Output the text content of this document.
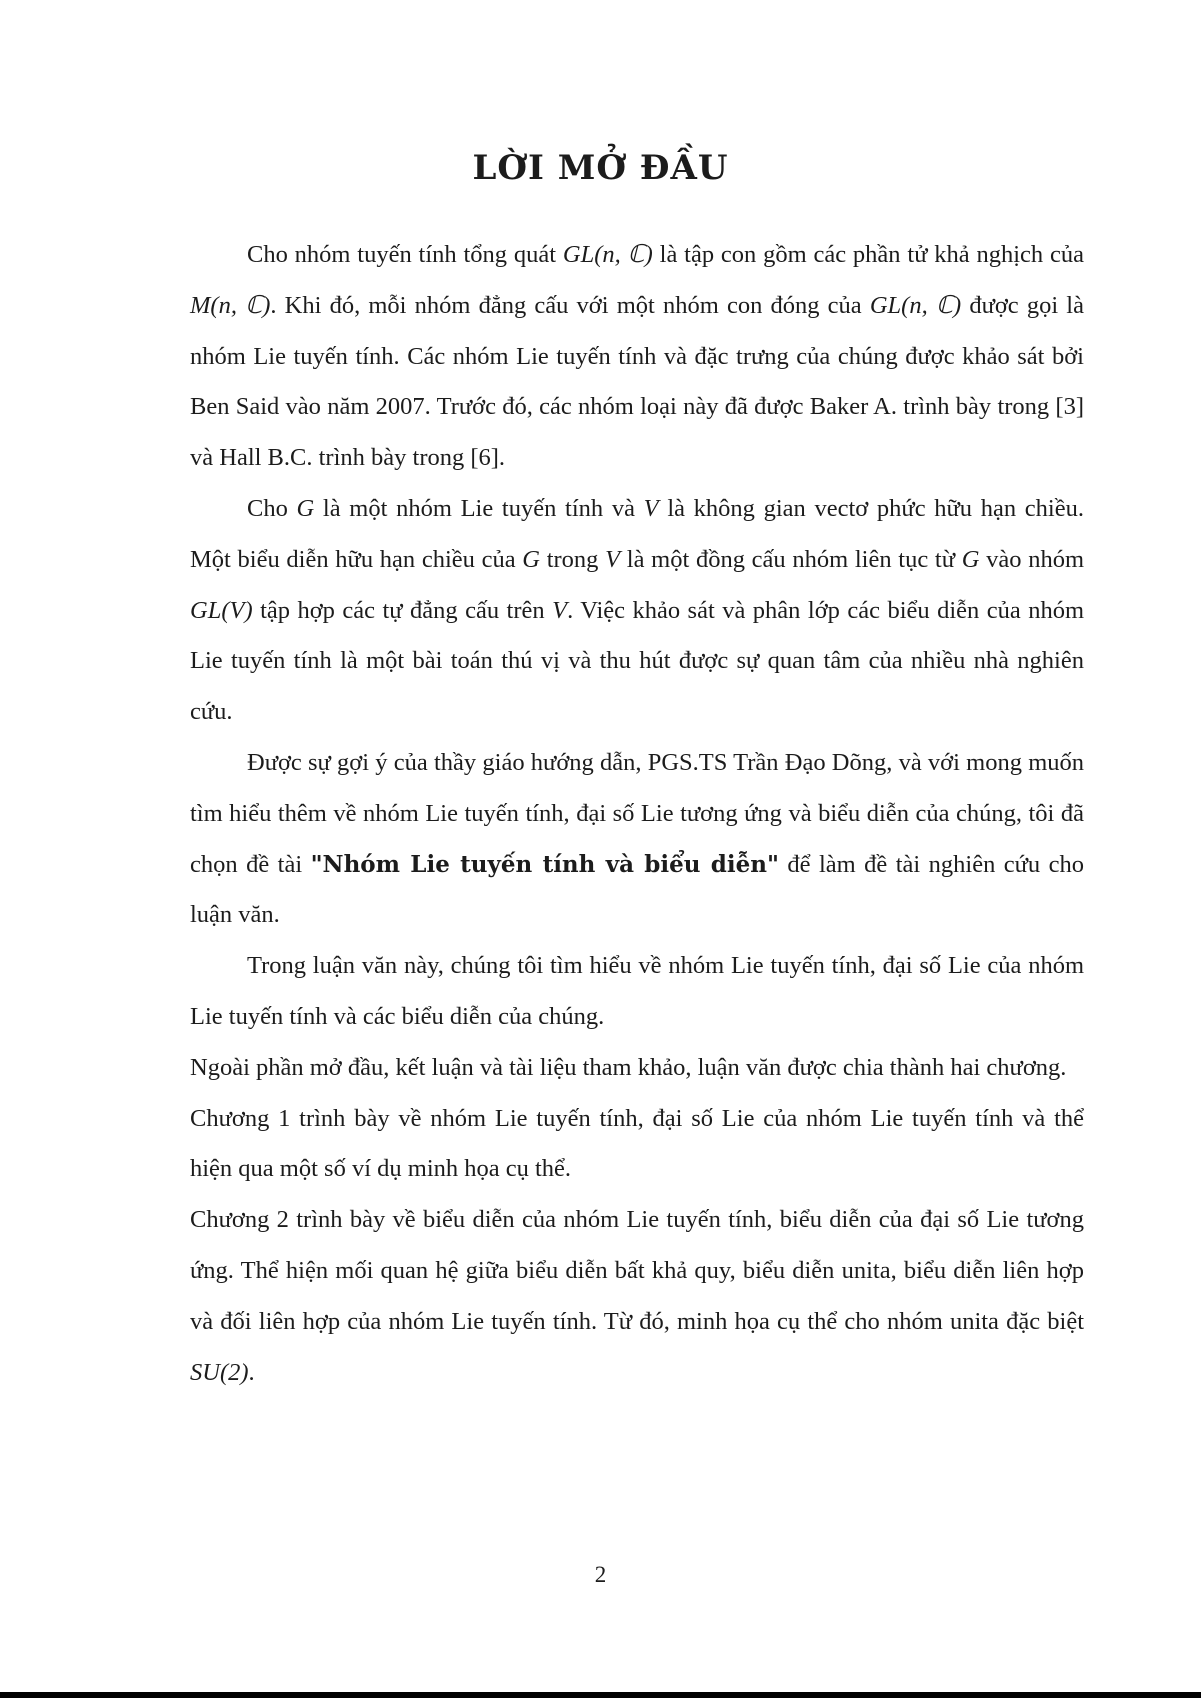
LỜI MỞ ĐẦU

Cho nhóm tuyến tính tổng quát GL(n, ℂ) là tập con gồm các phần tử khả nghịch của M(n, ℂ). Khi đó, mỗi nhóm đẳng cấu với một nhóm con đóng của GL(n, ℂ) được gọi là nhóm Lie tuyến tính. Các nhóm Lie tuyến tính và đặc trưng của chúng được khảo sát bởi Ben Said vào năm 2007. Trước đó, các nhóm loại này đã được Baker A. trình bày trong [3] và Hall B.C. trình bày trong [6].

Cho G là một nhóm Lie tuyến tính và V là không gian vectơ phức hữu hạn chiều. Một biểu diễn hữu hạn chiều của G trong V là một đồng cấu nhóm liên tục từ G vào nhóm GL(V) tập hợp các tự đẳng cấu trên V. Việc khảo sát và phân lớp các biểu diễn của nhóm Lie tuyến tính là một bài toán thú vị và thu hút được sự quan tâm của nhiều nhà nghiên cứu.

Được sự gợi ý của thầy giáo hướng dẫn, PGS.TS Trần Đạo Dõng, và với mong muốn tìm hiểu thêm về nhóm Lie tuyến tính, đại số Lie tương ứng và biểu diễn của chúng, tôi đã chọn đề tài "Nhóm Lie tuyến tính và biểu diễn" để làm đề tài nghiên cứu cho luận văn.

Trong luận văn này, chúng tôi tìm hiểu về nhóm Lie tuyến tính, đại số Lie của nhóm Lie tuyến tính và các biểu diễn của chúng.

Ngoài phần mở đầu, kết luận và tài liệu tham khảo, luận văn được chia thành hai chương.

Chương 1 trình bày về nhóm Lie tuyến tính, đại số Lie của nhóm Lie tuyến tính và thể hiện qua một số ví dụ minh họa cụ thể.

Chương 2 trình bày về biểu diễn của nhóm Lie tuyến tính, biểu diễn của đại số Lie tương ứng. Thể hiện mối quan hệ giữa biểu diễn bất khả quy, biểu diễn unita, biểu diễn liên hợp và đối liên hợp của nhóm Lie tuyến tính. Từ đó, minh họa cụ thể cho nhóm unita đặc biệt SU(2).

2
